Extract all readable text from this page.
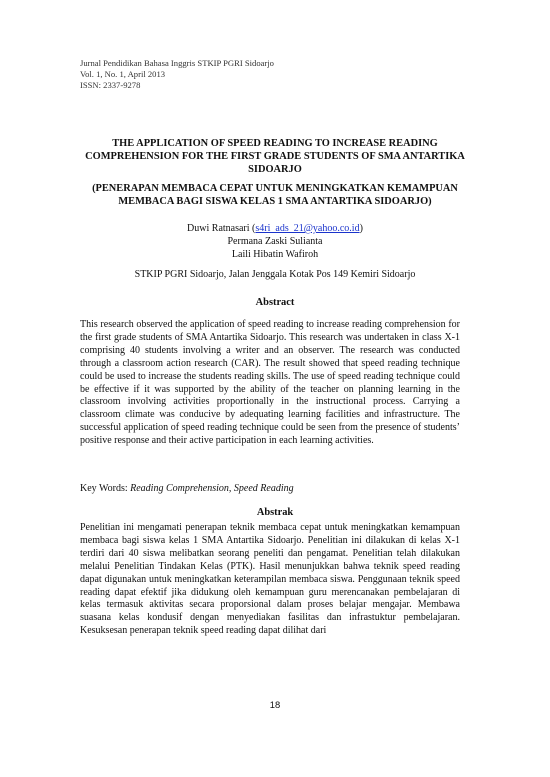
Jurnal Pendidikan Bahasa Inggris STKIP PGRI Sidoarjo
Vol. 1, No. 1, April 2013
ISSN: 2337-9278
THE APPLICATION OF SPEED READING TO INCREASE READING COMPREHENSION FOR THE FIRST GRADE STUDENTS OF SMA ANTARTIKA SIDOARJO
(PENERAPAN MEMBACA CEPAT UNTUK MENINGKATKAN KEMAMPUAN MEMBACA BAGI SISWA KELAS 1 SMA ANTARTIKA SIDOARJO)
Duwi Ratnasari (s4ri_ads_21@yahoo.co.id)
Permana Zaski Sulianta
Laili Hibatin Wafiroh
STKIP PGRI Sidoarjo, Jalan Jenggala Kotak Pos 149 Kemiri Sidoarjo
Abstract
This research observed the application of speed reading to increase reading comprehension for the first grade students of SMA Antartika Sidoarjo. This research was undertaken in class X-1 comprising 40 students involving a writer and an observer. The research was conducted through a classroom action research (CAR). The result showed that speed reading technique could be used to increase the students reading skills. The use of speed reading technique could be effective if it was supported by the ability of the teacher on planning learning in the classroom involving activities proportionally in the instructional process. Carrying a classroom climate was conducive by adequating learning facilities and infrastructure. The successful application of speed reading technique could be seen from the presence of students’ positive response and their active participation in each learning activities.
Key Words: Reading Comprehension, Speed Reading
Abstrak
Penelitian ini mengamati penerapan teknik membaca cepat untuk meningkatkan kemampuan membaca bagi siswa kelas 1 SMA Antartika Sidoarjo. Penelitian ini dilakukan di kelas X-1 terdiri dari 40 siswa melibatkan seorang peneliti dan pengamat. Penelitian telah dilakukan melalui Penelitian Tindakan Kelas (PTK). Hasil menunjukkan bahwa teknik speed reading dapat digunakan untuk meningkatkan keterampilan membaca siswa. Penggunaan teknik speed reading dapat efektif jika didukung oleh kemampuan guru merencanakan pembelajaran di kelas termasuk aktivitas secara proporsional dalam proses belajar mengajar. Membawa suasana kelas kondusif dengan menyediakan fasilitas dan infrastuktur pembelajaran. Kesuksesan penerapan teknik speed reading dapat dilihat dari
18
